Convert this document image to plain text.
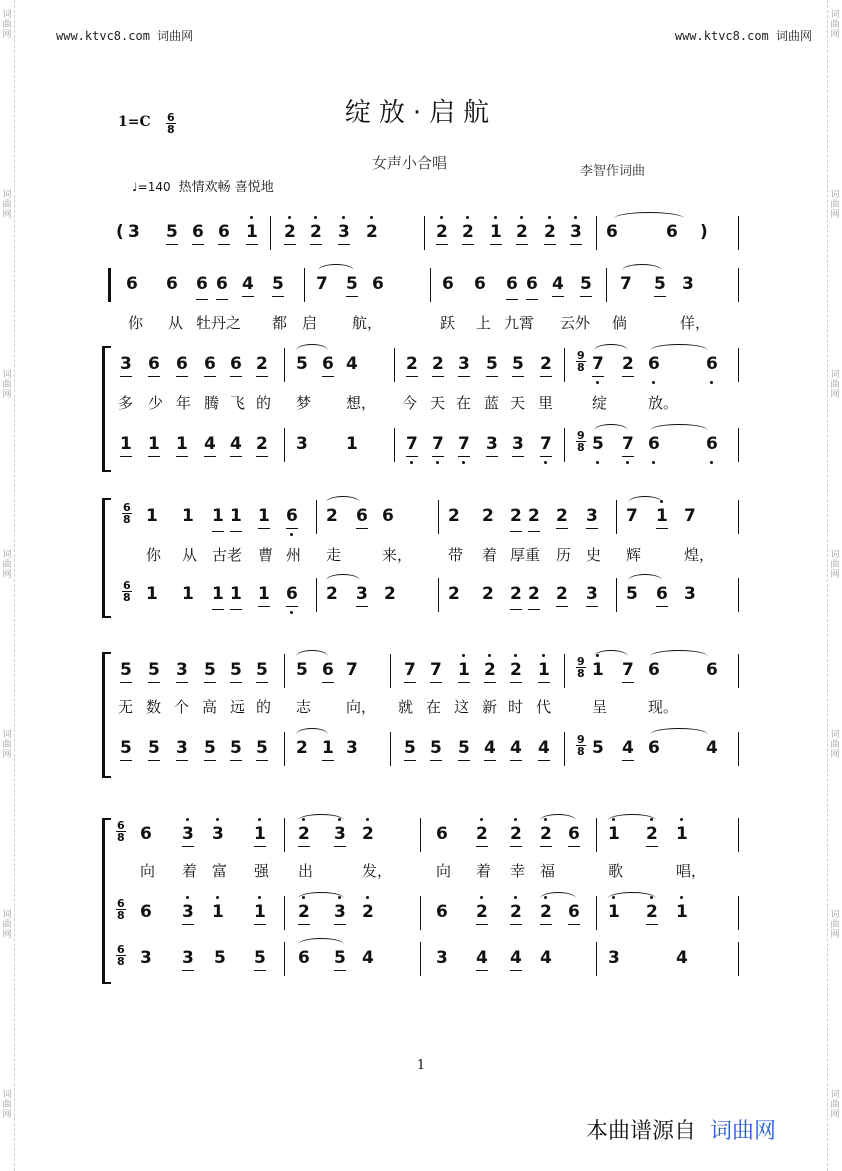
词曲网
词曲网
词曲网
词曲网
词曲网
词曲网
词曲网
词曲网
词曲网
词曲网
词曲网
词曲网
词曲网
词曲网
www.ktvc8.com 词曲网	www.ktvc8.com 词曲网
绽放·启航
$1=C \frac{6}{8}$
女声小合唱	李智作词曲
♩=140 热情欢畅 喜悦地
( 3 5 6 6 1 2 2 3 2	2 2 1 2 2 3 6	6 )
6 6 6 6 4 5 7 5 6	6 6 6 6 4 5 7 5 3
3 6 6 6 6 2 5 6 4	2 2 3 5 5 2 7 2 6	6
1 1 1 4 4 2 3 1	7 7 7 3 3 7 5 7 6	6
1 1 1 1 1 6 2 6 6	2 2 2 2 2 3 7 1 7
1 1 1 1 1 6 2 3 2	2 2 2 2 2 3 5 6 3
5 5 3 5 5 5 5 6 7	7 7 1 2 2 1 1 7 6	6
5 5 3 5 5 5 2 1 3	5 5 5 4 4 4 5 4 6	4
6 3 3 1 2 3 2	6 2 2 2 6 1 2 1
6 3 1 1 2 3 2	6 2 2 2 6 1 2 1
3 3 5 5 6 5 4	3 4 4 4	3	4
$\frac{6}{8}$
$\frac{6}{8}$
$\frac{6}{8}$
$\frac{6}{8}$
$\frac{6}{8}$
$\frac{9}{8}$
$\frac{9}{8}$
$\frac{9}{8}$
$\frac{9}{8}$
你 从 牡丹之 都 启 航，	跃 上 九霄 云外 倘	佯，
多 少 年 腾 飞 的 梦 想， 今 天 在 蓝 天 里	绽	放。
你 从 古老 曹 州 走	来， 带 着 厚重 历 史 辉	煌，
无 数 个 高 远 的 志 向， 就 在 这 新 时 代	呈	现。
向 着 富 强 出	发，	向 着 幸 福	歌	唱，
1
本曲谱源自 词曲网
